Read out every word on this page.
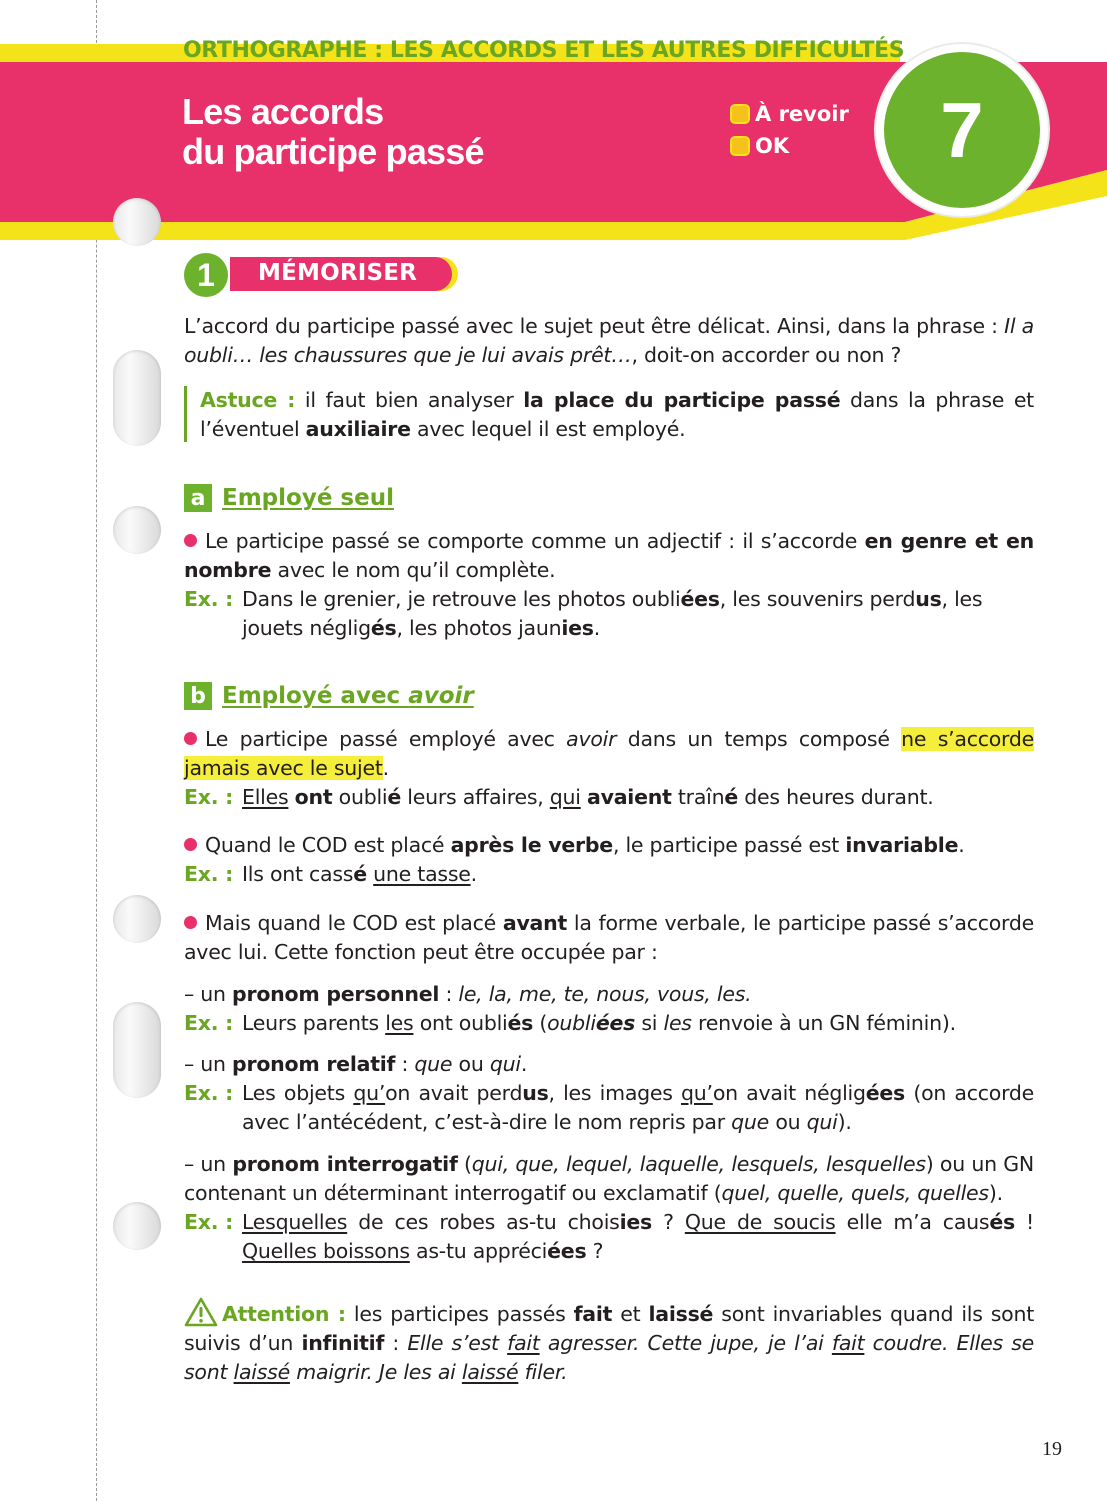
ORTHOGRAPHE : LES ACCORDS ET LES AUTRES DIFFICULTÉS
Les accords
du participe passé
À revoir
OK 7
MÉMORISER
1
L’accord du participe passé avec le sujet peut être délicat. Ainsi, dans la phrase : Il a oubli… les chaussures que je lui avais prêt…, doit-on accorder ou non ?
Astuce : il faut bien analyser la place du participe passé dans la phrase et l’éventuel auxiliaire avec lequel il est employé.
a Employé seul
Le participe passé se comporte comme un adjectif : il s’accorde en genre et en nombre avec le nom qu’il complète.
Ex. : Dans le grenier, je retrouve les photos oubliées, les souvenirs perdus, les jouets négligés, les photos jaunies.
b Employé avec avoir
Le participe passé employé avec avoir dans un temps composé ne s’accorde jamais avec le sujet.
Ex. : Elles ont oublié leurs affaires, qui avaient traîné des heures durant.
Quand le COD est placé après le verbe, le participe passé est invariable.
Ex. : Ils ont cassé une tasse.
Mais quand le COD est placé avant la forme verbale, le participe passé s’accorde avec lui. Cette fonction peut être occupée par :
– un pronom personnel : le, la, me, te, nous, vous, les.
Ex. : Leurs parents les ont oubliés (oubliées si les renvoie à un GN féminin).
– un pronom relatif : que ou qui.
Ex. : Les objets qu’on avait perdus, les images qu’on avait négligées (on accorde avec l’antécédent, c’est-à-dire le nom repris par que ou qui).
– un pronom interrogatif (qui, que, lequel, laquelle, lesquels, lesquelles) ou un GN contenant un déterminant interrogatif ou exclamatif (quel, quelle, quels, quelles).
Ex. : Lesquelles de ces robes as-tu choisies ? Que de soucis elle m’a causés ! Quelles boissons as-tu appréciées ?
Attention : les participes passés fait et laissé sont invariables quand ils sont suivis d’un infinitif : Elle s’est fait agresser. Cette jupe, je l’ai fait coudre. Elles se sont laissé maigrir. Je les ai laissé filer.
19
